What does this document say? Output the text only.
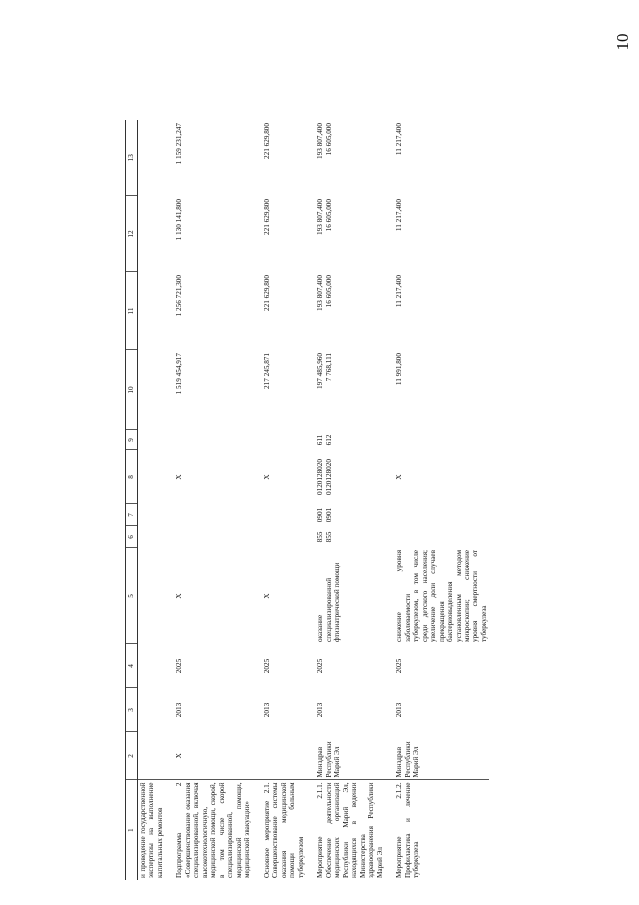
10
1	2	3	4	5	6	7	8	9	10	11	12	13
и проведение государственной экспертизы на выполнение капитальных ремонтов												
Подпрограмма 2 «Совершенствование оказания специализированной, включая высокотехнологичную, медицинской помощи, скорой, в том числе скорой специализированной, медицинской помощи, медицинской эвакуации»	X	2013	2025	X			X		1 519 454,917	1 256 721,300	1 130 141,800	1 159 231,247
Основное мероприятие 2.1. Совершенствование системы оказания медицинской помощи больным туберкулезом		2013	2025	X			X		217 245,871	221 629,800	221 629,800	221 629,800
Мероприятие 2.1.1. Обеспечение деятельности медицинских организаций Республики Марий Эл, находящихся в ведении Министерства здравоохранения Республики Марий Эл	Минздрав Республики Марий Эл	2013	2025	оказание специализированной фтизиатрической помощи	855 855	0901 0901	0120128020 0120128020	611 612	197 485,960 7 768,111	193 807,400 16 605,000	193 807,400 16 605,000	193 807,400 16 605,000

Мероприятие 2.1.2. Профилактика и лечение туберкулеза	Минздрав Республики Марий Эл	2013	2025	снижение уровня заболеваемости туберкулезом, в том числе среди детского населения; увеличение доли случаев прекращения бактериовыделения установленным методом микроскопии; снижение уровня смертности от туберкулеза			X		11 991,800	11 217,400	11 217,400	11 217,400
